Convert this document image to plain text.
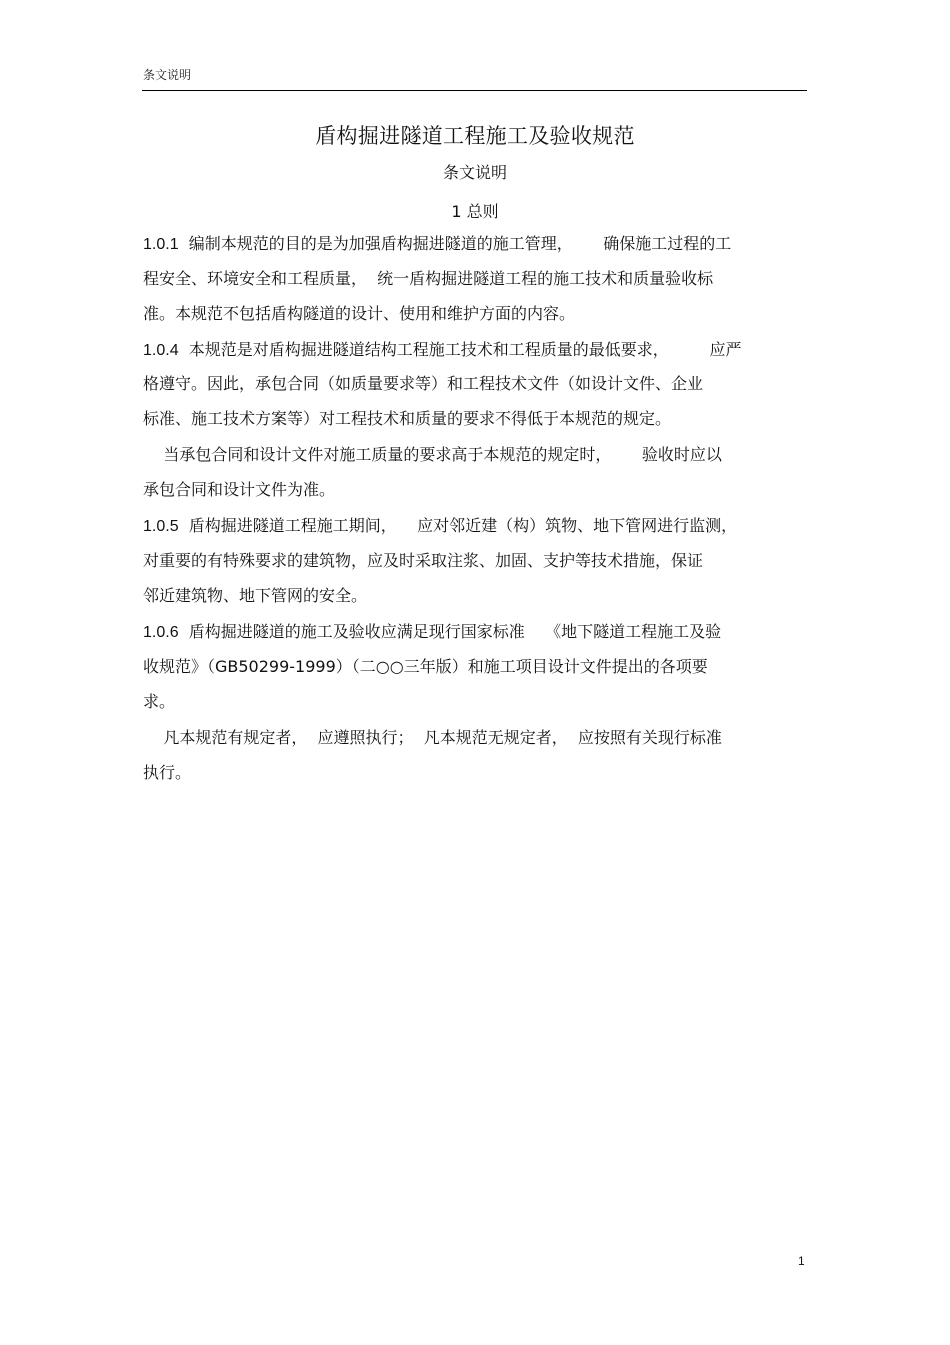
条文说明
盾构掘进隧道工程施工及验收规范
条文说明
1 总则
1.0.1  编制本规范的目的是为加强盾构掘进隧道的施工管理，      确保施工过程的工
程安全、环境安全和工程质量，  统一盾构掘进隧道工程的施工技术和质量验收标
准。本规范不包括盾构隧道的设计、使用和维护方面的内容。
1.0.4  本规范是对盾构掘进隧道结构工程施工技术和工程质量的最低要求，        应严
格遵守。因此，承包合同（如质量要求等）和工程技术文件（如设计文件、企业
标准、施工技术方案等）对工程技术和质量的要求不得低于本规范的规定。
当承包合同和设计文件对施工质量的要求高于本规范的规定时，      验收时应以
承包合同和设计文件为准。
1.0.5  盾构掘进隧道工程施工期间，    应对邻近建（构）筑物、地下管网进行监测，
对重要的有特殊要求的建筑物，应及时采取注浆、加固、支护等技术措施，保证
邻近建筑物、地下管网的安全。
1.0.6  盾构掘进隧道的施工及验收应满足现行国家标准    《地下隧道工程施工及验
收规范》（GB50299-1999）（二○○三年版）和施工项目设计文件提出的各项要
求。
凡本规范有规定者，  应遵照执行；  凡本规范无规定者，  应按照有关现行标准
执行。
1
